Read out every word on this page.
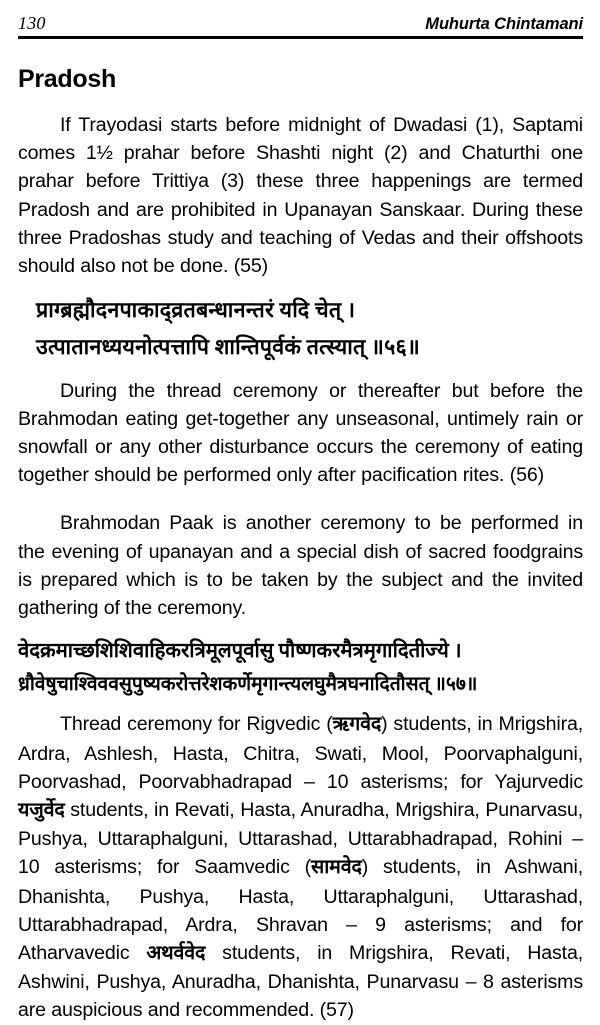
130	Muhurta Chintamani
Pradosh

If Trayodasi starts before midnight of Dwadasi (1), Saptami comes 1½ prahar before Shashti night (2) and Chaturthi one prahar before Trittiya (3) these three happenings are termed Pradosh and are prohibited in Upanayan Sanskaar. During these three Pradoshas study and teaching of Vedas and their offshoots should also not be done. (55)

प्राग्ब्रह्मौदनपाकाद्व्रतबन्धानन्तरं यदि चेत् ।
उत्पातानध्ययनोत्पत्तापि शान्तिपूर्वकं तत्स्यात् ॥५६॥

During the thread ceremony or thereafter but before the Brahmodan eating get-together any unseasonal, untimely rain or snowfall or any other disturbance occurs the ceremony of eating together should be performed only after pacification rites. (56)

Brahmodan Paak is another ceremony to be performed in the evening of upanayan and a special dish of sacred foodgrains is prepared which is to be taken by the subject and the invited gathering of the ceremony.

वेदक्रमाच्छशिशिवाहिकरत्रिमूलपूर्वासु पौष्णकरमैत्रमृगादितीज्ये ।
ध्रौवेषुचाश्विववसुपुष्यकरोत्तरेशकर्णेमृगान्त्यलघुमैत्रघनादितौसत् ॥५७॥

Thread ceremony for Rigvedic (ऋगवेद) students, in Mrigshira, Ardra, Ashlesh, Hasta, Chitra, Swati, Mool, Poorvaphalguni, Poorvashad, Poorvabhadrapad – 10 asterisms; for Yajurvedic यजुर्वेद students, in Revati, Hasta, Anuradha, Mrigshira, Punarvasu, Pushya, Uttaraphalguni, Uttarashad, Uttarabhadrapad, Rohini – 10 asterisms; for Saamvedic (सामवेद) students, in Ashwani, Dhanishta, Pushya, Hasta, Uttaraphalguni, Uttarashad, Uttarabhadrapad, Ardra, Shravan – 9 asterisms; and for Atharvavedic अथर्ववेद students, in Mrigshira, Revati, Hasta, Ashwini, Pushya, Anuradha, Dhanishta, Punarvasu – 8 asterisms are auspicious and recommended. (57)
